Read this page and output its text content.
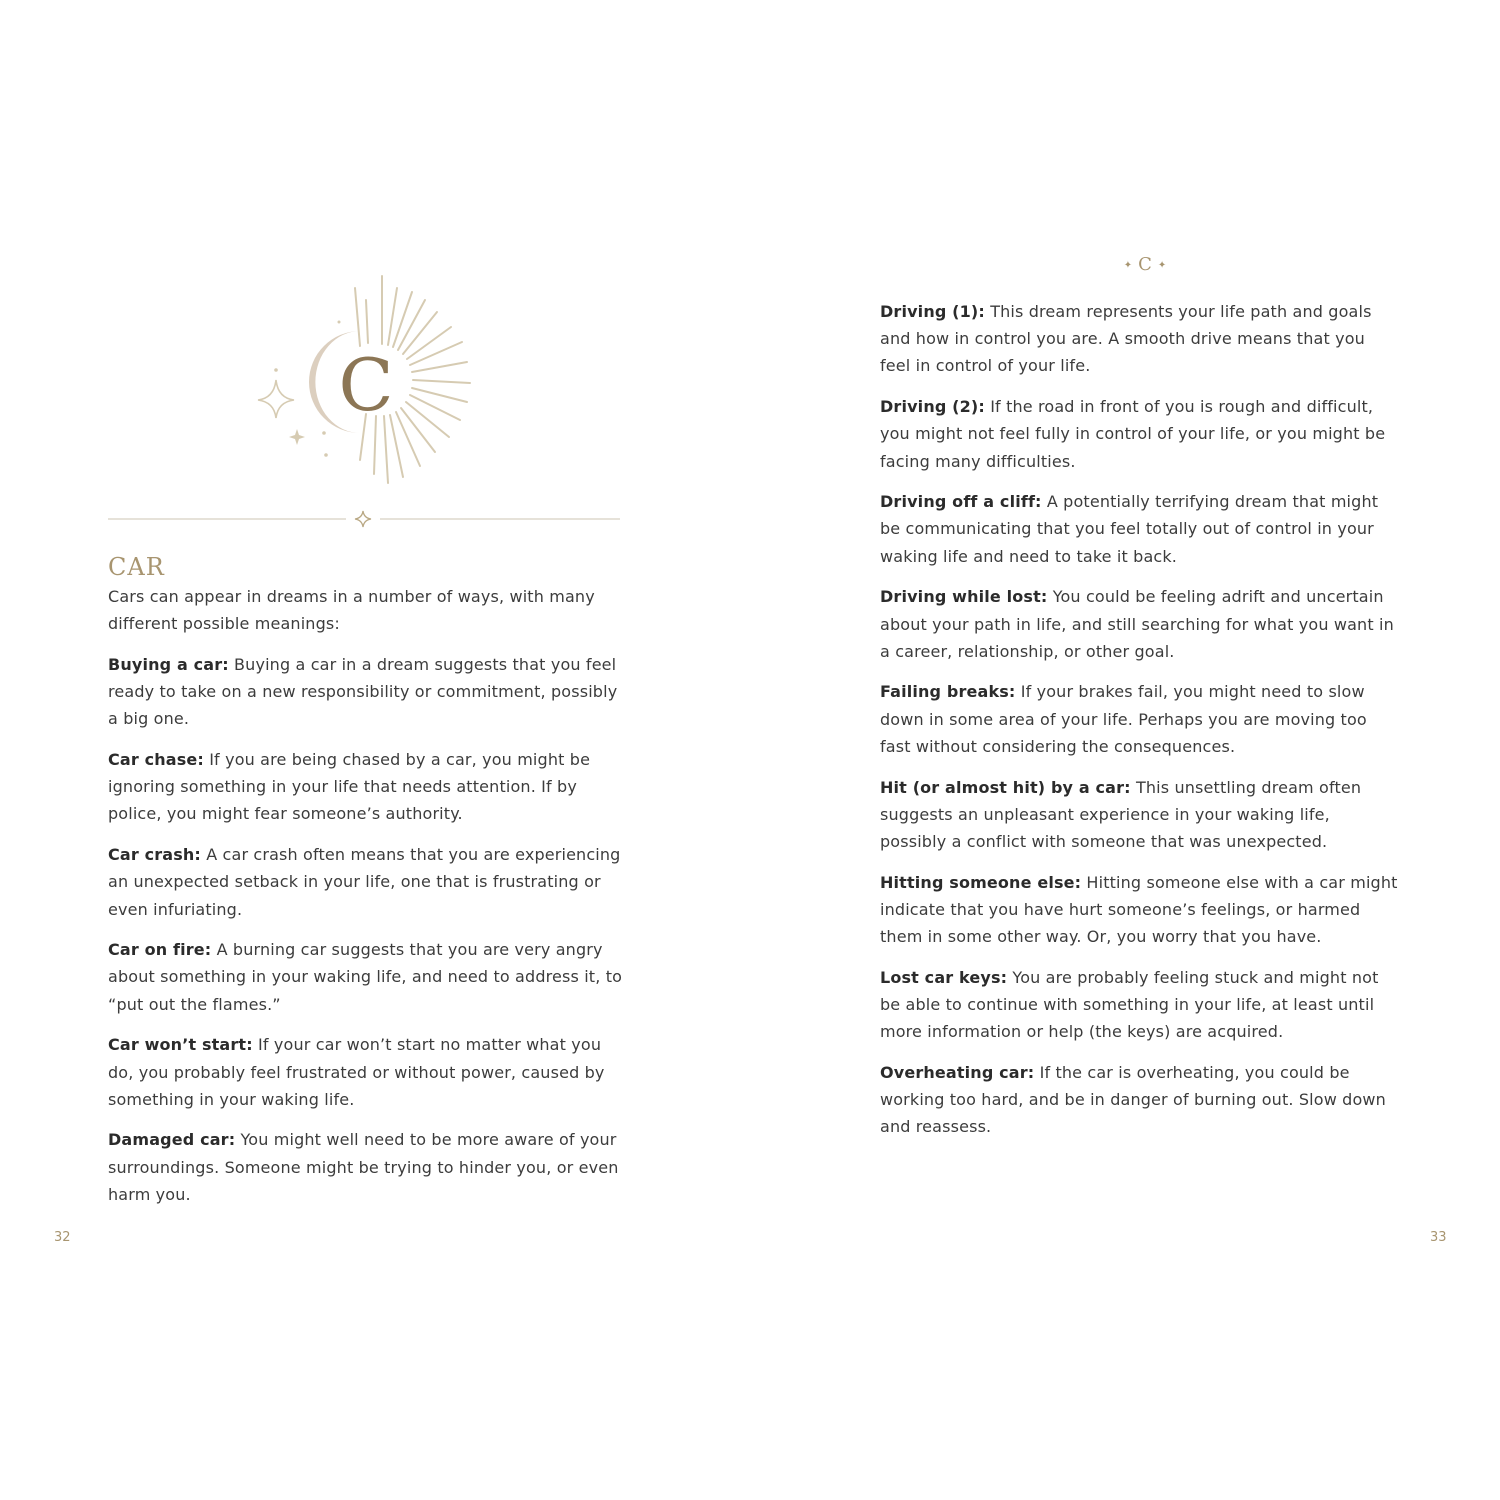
C
CAR

Cars can appear in dreams in a number of ways, with many different possible meanings:

Buying a car: Buying a car in a dream suggests that you feel ready to take on a new responsibility or commitment, possibly a big one.

Car chase: If you are being chased by a car, you might be ignoring something in your life that needs attention. If by police, you might fear someone’s authority.

Car crash: A car crash often means that you are experiencing an unexpected setback in your life, one that is frustrating or even infuriating.

Car on fire: A burning car suggests that you are very angry about something in your waking life, and need to address it, to “put out the flames.”

Car won’t start: If your car won’t start no matter what you do, you probably feel frustrated or without power, caused by something in your waking life.

Damaged car: You might well need to be more aware of your surroundings. Someone might be trying to hinder you, or even harm you.

32
✦ C ✦

Driving (1): This dream represents your life path and goals and how in control you are. A smooth drive means that you feel in control of your life.

Driving (2): If the road in front of you is rough and difficult, you might not feel fully in control of your life, or you might be facing many difficulties.

Driving off a cliff: A potentially terrifying dream that might be communicating that you feel totally out of control in your waking life and need to take it back.

Driving while lost: You could be feeling adrift and uncertain about your path in life, and still searching for what you want in a career, relationship, or other goal.

Failing breaks: If your brakes fail, you might need to slow down in some area of your life. Perhaps you are moving too fast without considering the consequences.

Hit (or almost hit) by a car: This unsettling dream often suggests an unpleasant experience in your waking life, possibly a conflict with someone that was unexpected.

Hitting someone else: Hitting someone else with a car might indicate that you have hurt someone’s feelings, or harmed them in some other way. Or, you worry that you have.

Lost car keys: You are probably feeling stuck and might not be able to continue with something in your life, at least until more information or help (the keys) are acquired.

Overheating car: If the car is overheating, you could be working too hard, and be in danger of burning out. Slow down and reassess.

33
